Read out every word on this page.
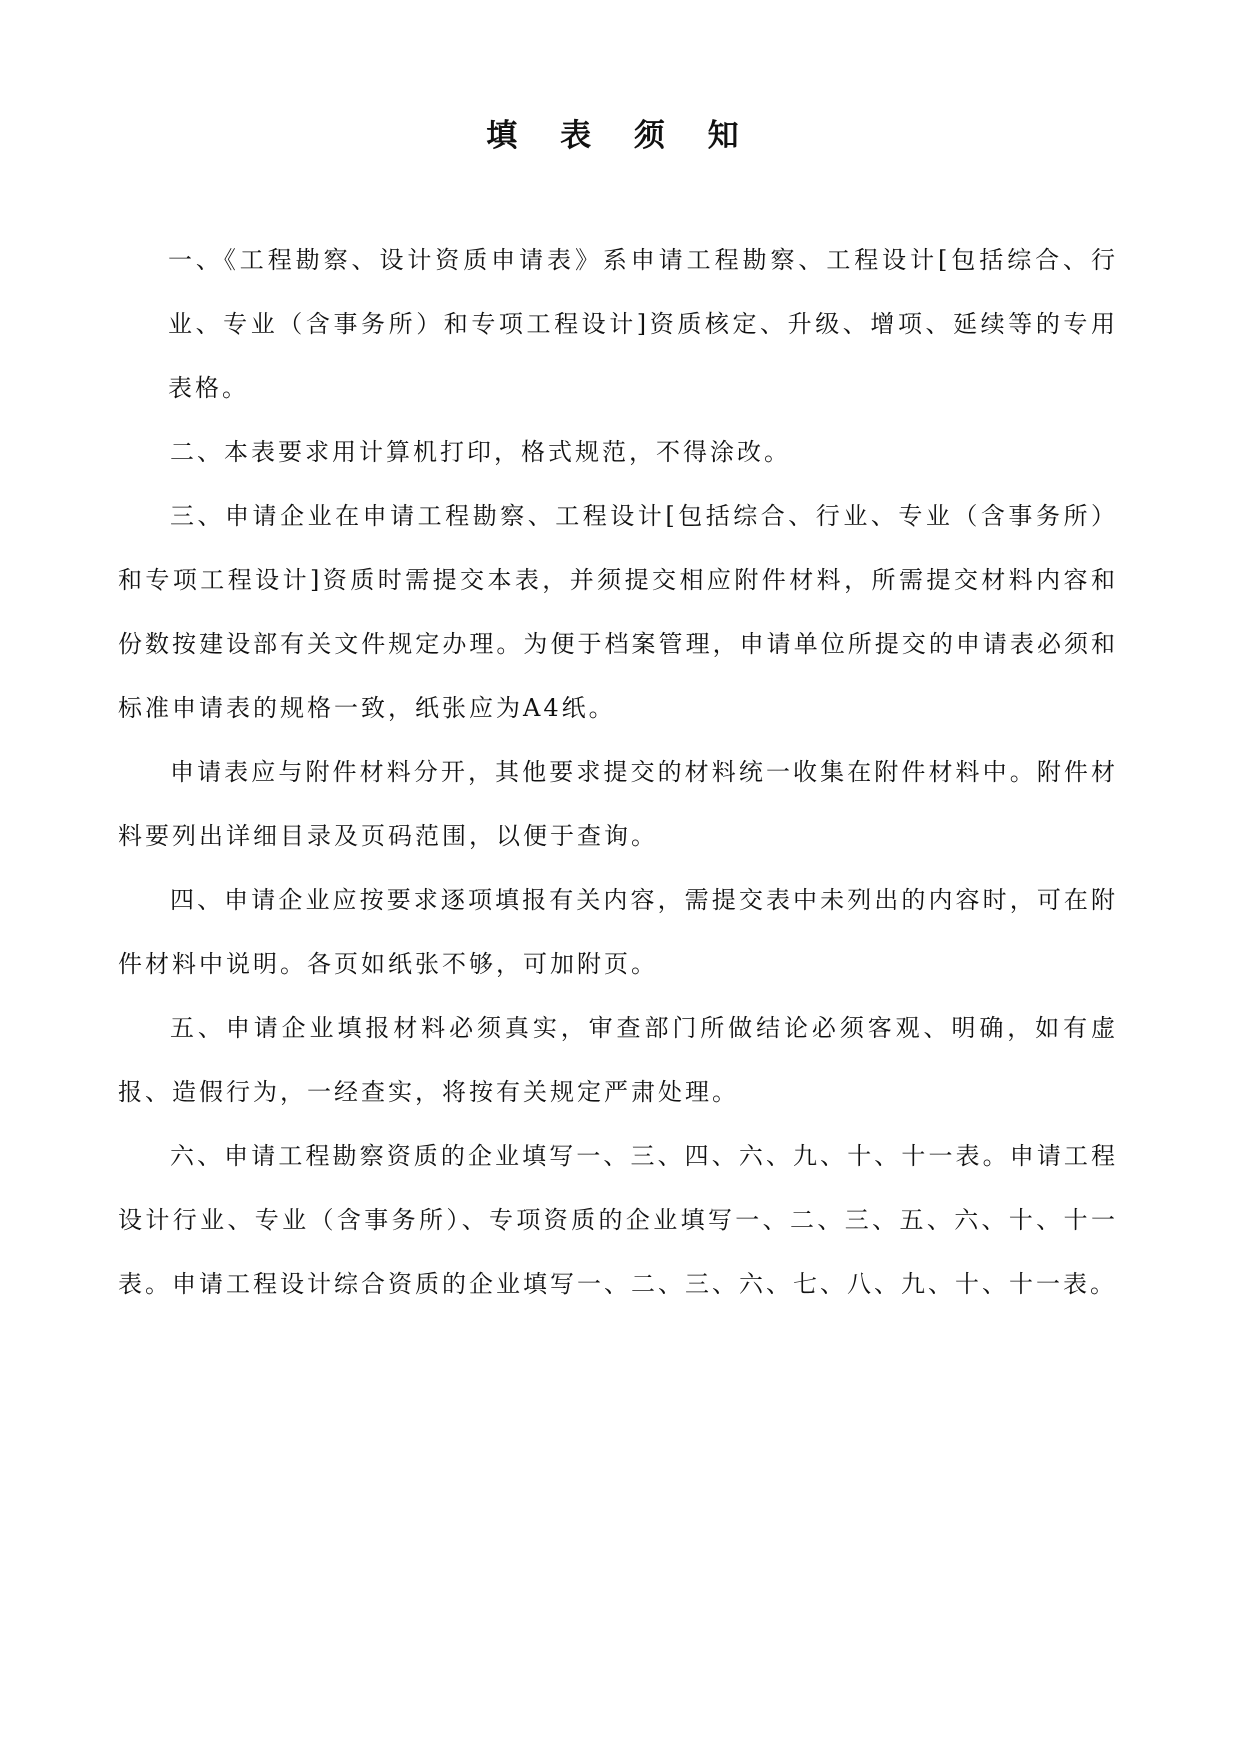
填 表 须 知

一、《工程勘察、设计资质申请表》系申请工程勘察、工程设计[包括综合、行业、专业（含事务所）和专项工程设计]资质核定、升级、增项、延续等的专用表格。

二、本表要求用计算机打印，格式规范，不得涂改。

三、申请企业在申请工程勘察、工程设计[包括综合、行业、专业（含事务所）和专项工程设计]资质时需提交本表，并须提交相应附件材料，所需提交材料内容和份数按建设部有关文件规定办理。为便于档案管理，申请单位所提交的申请表必须和标准申请表的规格一致，纸张应为A4纸。

申请表应与附件材料分开，其他要求提交的材料统一收集在附件材料中。附件材料要列出详细目录及页码范围，以便于查询。

四、申请企业应按要求逐项填报有关内容，需提交表中未列出的内容时，可在附件材料中说明。各页如纸张不够，可加附页。

五、申请企业填报材料必须真实，审查部门所做结论必须客观、明确，如有虚报、造假行为，一经查实，将按有关规定严肃处理。

六、申请工程勘察资质的企业填写一、三、四、六、九、十、十一表。申请工程设计行业、专业（含事务所）、专项资质的企业填写一、二、三、五、六、十、十一表。申请工程设计综合资质的企业填写一、二、三、六、七、八、九、十、十一表。
